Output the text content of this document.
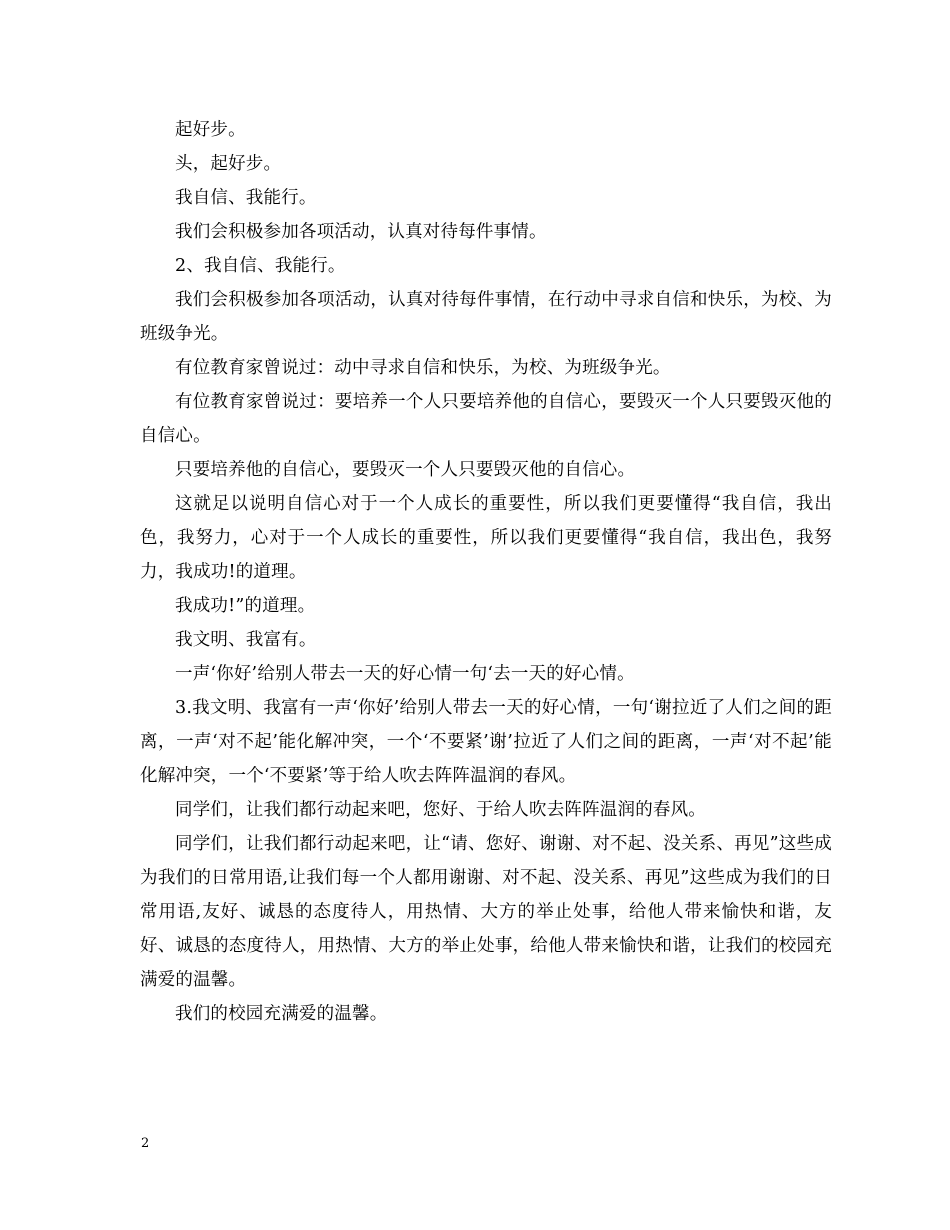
起好步。

头，起好步。

我自信、我能行。

我们会积极参加各项活动，认真对待每件事情。

2、我自信、我能行。

我们会积极参加各项活动，认真对待每件事情，在行动中寻求自信和快乐，为校、为班级争光。

有位教育家曾说过：动中寻求自信和快乐，为校、为班级争光。

有位教育家曾说过：要培养一个人只要培养他的自信心，要毁灭一个人只要毁灭他的自信心。

只要培养他的自信心，要毁灭一个人只要毁灭他的自信心。

这就足以说明自信心对于一个人成长的重要性，所以我们更要懂得“我自信，我出色，我努力，心对于一个人成长的重要性，所以我们更要懂得“我自信，我出色，我努力，我成功!的道理。

我成功!”的道理。

我文明、我富有。

一声‘你好’给别人带去一天的好心情一句‘去一天的好心情。

3.我文明、我富有一声‘你好’给别人带去一天的好心情，一句‘谢拉近了人们之间的距离，一声‘对不起’能化解冲突，一个‘不要紧’谢’拉近了人们之间的距离，一声‘对不起’能化解冲突，一个‘不要紧’等于给人吹去阵阵温润的春风。

同学们，让我们都行动起来吧，您好、于给人吹去阵阵温润的春风。

同学们，让我们都行动起来吧，让“请、您好、谢谢、对不起、没关系、再见”这些成为我们的日常用语,让我们每一个人都用谢谢、对不起、没关系、再见”这些成为我们的日常用语,友好、诚恳的态度待人，用热情、大方的举止处事，给他人带来愉快和谐，友好、诚恳的态度待人，用热情、大方的举止处事，给他人带来愉快和谐，让我们的校园充满爱的温馨。

我们的校园充满爱的温馨。

2
